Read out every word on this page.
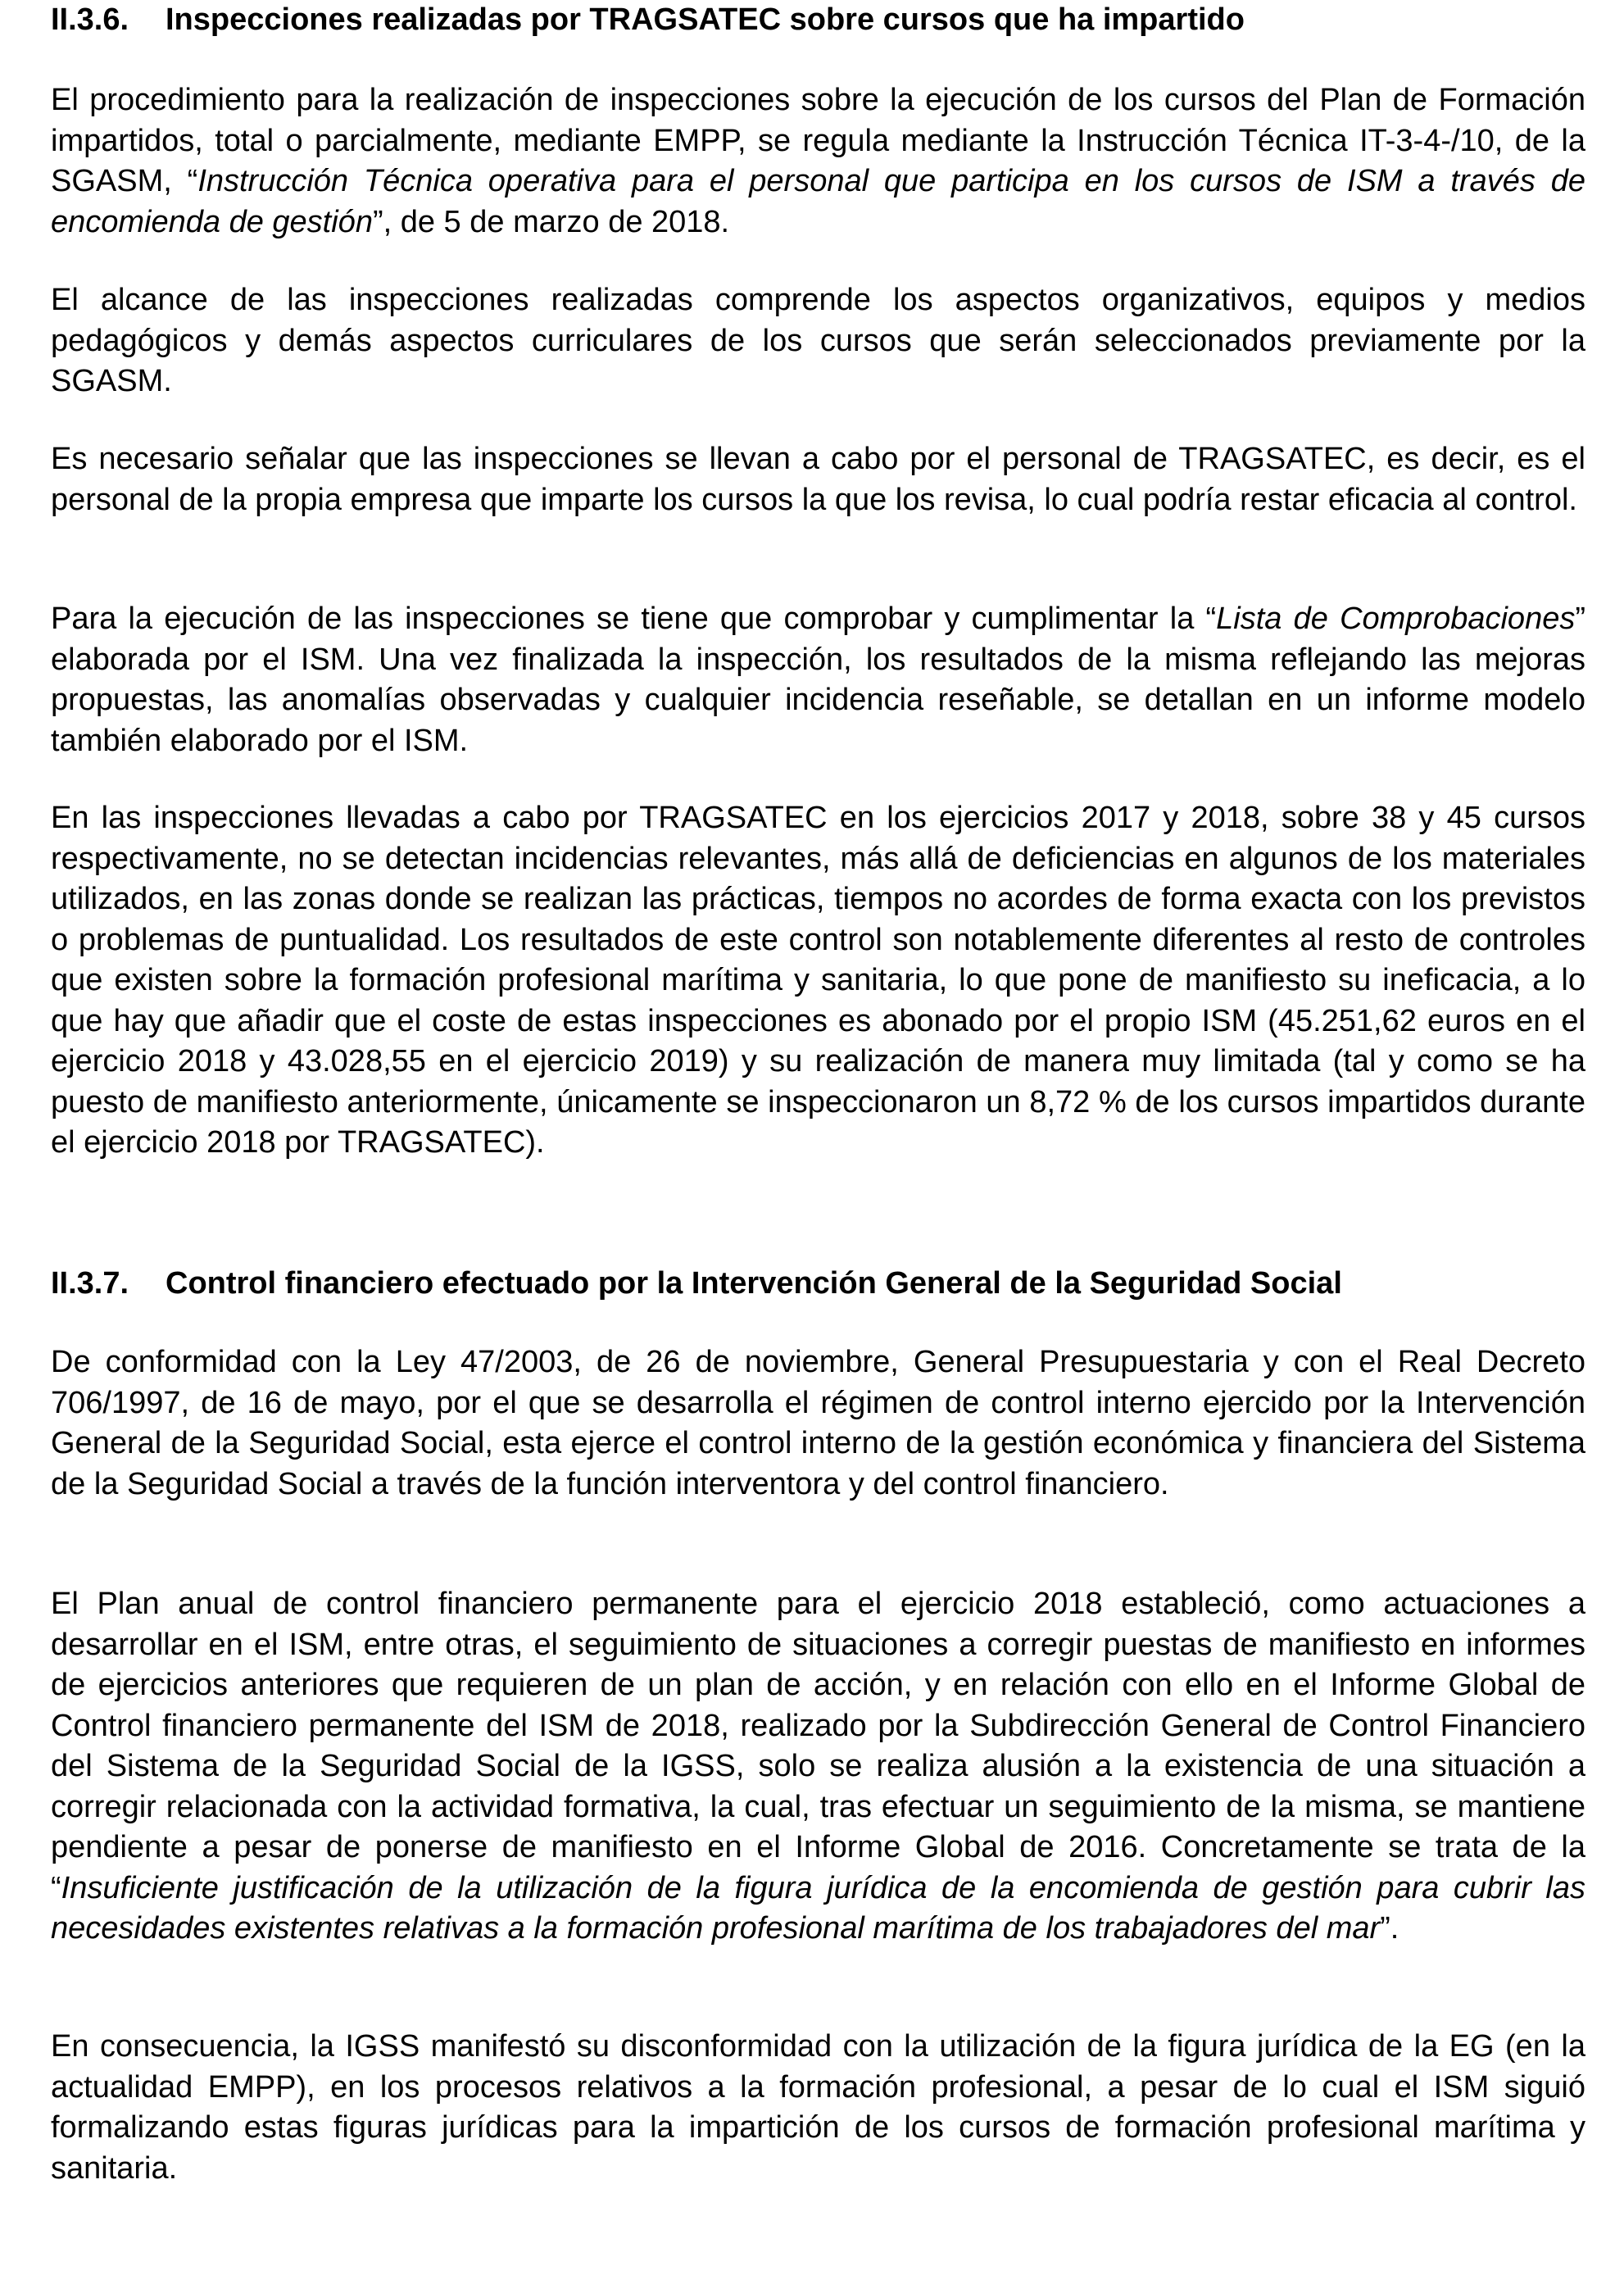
II.3.6. Inspecciones realizadas por TRAGSATEC sobre cursos que ha impartido

El procedimiento para la realización de inspecciones sobre la ejecución de los cursos del Plan de Formación impartidos, total o parcialmente, mediante EMPP, se regula mediante la Instrucción Técnica IT-3-4-/10, de la SGASM, “Instrucción Técnica operativa para el personal que participa en los cursos de ISM a través de encomienda de gestión”, de 5 de marzo de 2018.

El alcance de las inspecciones realizadas comprende los aspectos organizativos, equipos y medios pedagógicos y demás aspectos curriculares de los cursos que serán seleccionados previamente por la SGASM.

Es necesario señalar que las inspecciones se llevan a cabo por el personal de TRAGSATEC, es decir, es el personal de la propia empresa que imparte los cursos la que los revisa, lo cual podría restar eficacia al control.

Para la ejecución de las inspecciones se tiene que comprobar y cumplimentar la “Lista de Comprobaciones” elaborada por el ISM. Una vez finalizada la inspección, los resultados de la misma reflejando las mejoras propuestas, las anomalías observadas y cualquier incidencia reseñable, se detallan en un informe modelo también elaborado por el ISM.

En las inspecciones llevadas a cabo por TRAGSATEC en los ejercicios 2017 y 2018, sobre 38 y 45 cursos respectivamente, no se detectan incidencias relevantes, más allá de deficiencias en algunos de los materiales utilizados, en las zonas donde se realizan las prácticas, tiempos no acordes de forma exacta con los previstos o problemas de puntualidad. Los resultados de este control son notablemente diferentes al resto de controles que existen sobre la formación profesional marítima y sanitaria, lo que pone de manifiesto su ineficacia, a lo que hay que añadir que el coste de estas inspecciones es abonado por el propio ISM (45.251,62 euros en el ejercicio 2018 y 43.028,55 en el ejercicio 2019) y su realización de manera muy limitada (tal y como se ha puesto de manifiesto anteriormente, únicamente se inspeccionaron un 8,72 % de los cursos impartidos durante el ejercicio 2018 por TRAGSATEC).

II.3.7. Control financiero efectuado por la Intervención General de la Seguridad Social

De conformidad con la Ley 47/2003, de 26 de noviembre, General Presupuestaria y con el Real Decreto 706/1997, de 16 de mayo, por el que se desarrolla el régimen de control interno ejercido por la Intervención General de la Seguridad Social, esta ejerce el control interno de la gestión económica y financiera del Sistema de la Seguridad Social a través de la función interventora y del control financiero.

El Plan anual de control financiero permanente para el ejercicio 2018 estableció, como actuaciones a desarrollar en el ISM, entre otras, el seguimiento de situaciones a corregir puestas de manifiesto en informes de ejercicios anteriores que requieren de un plan de acción, y en relación con ello en el Informe Global de Control financiero permanente del ISM de 2018, realizado por la Subdirección General de Control Financiero del Sistema de la Seguridad Social de la IGSS, solo se realiza alusión a la existencia de una situación a corregir relacionada con la actividad formativa, la cual, tras efectuar un seguimiento de la misma, se mantiene pendiente a pesar de ponerse de manifiesto en el Informe Global de 2016. Concretamente se trata de la “Insuficiente justificación de la utilización de la figura jurídica de la encomienda de gestión para cubrir las necesidades existentes relativas a la formación profesional marítima de los trabajadores del mar”.

En consecuencia, la IGSS manifestó su disconformidad con la utilización de la figura jurídica de la EG (en la actualidad EMPP), en los procesos relativos a la formación profesional, a pesar de lo cual el ISM siguió formalizando estas figuras jurídicas para la impartición de los cursos de formación profesional marítima y sanitaria.
